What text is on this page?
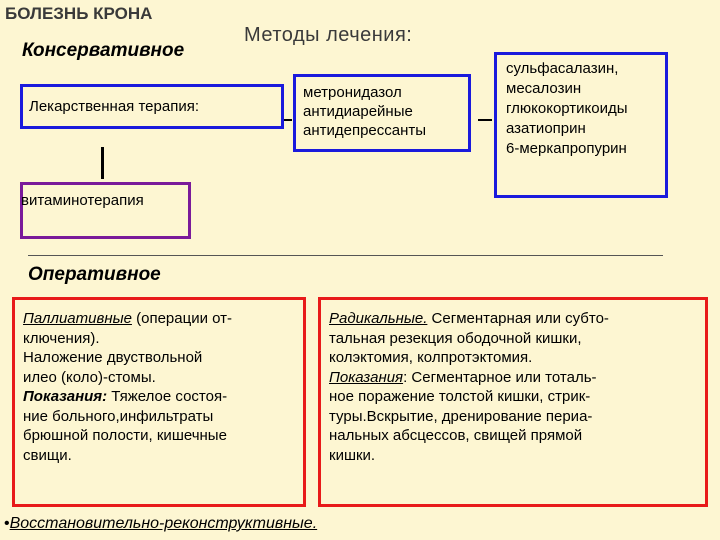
БОЛЕЗНЬ КРОНА
Консервативное
Методы лечения:
Лекарственная терапия:
метронидазол
антидиарейные
антидепрессанты
сульфасалазин,
месалозин
глюкокортикоиды
азатиоприн
6-меркапропурин
витаминотерапия
Оперативное
Паллиативные (операции от-
ключения).
Наложение двуствольной
илео (коло)-стомы.
Показания: Тяжелое состоя-
ние больного,инфильтраты
брюшной полости, кишечные
свищи.
Радикальные. Сегментарная или субто-
тальная резекция ободочной кишки,
колэктомия, колпротэктомия.
Показания: Сегментарное или тоталь-
ное поражение толстой кишки, стрик-
туры.Вскрытие, дренирование периа-
нальных абсцессов, свищей прямой
кишки.
•Восстановительно-реконструктивные.
